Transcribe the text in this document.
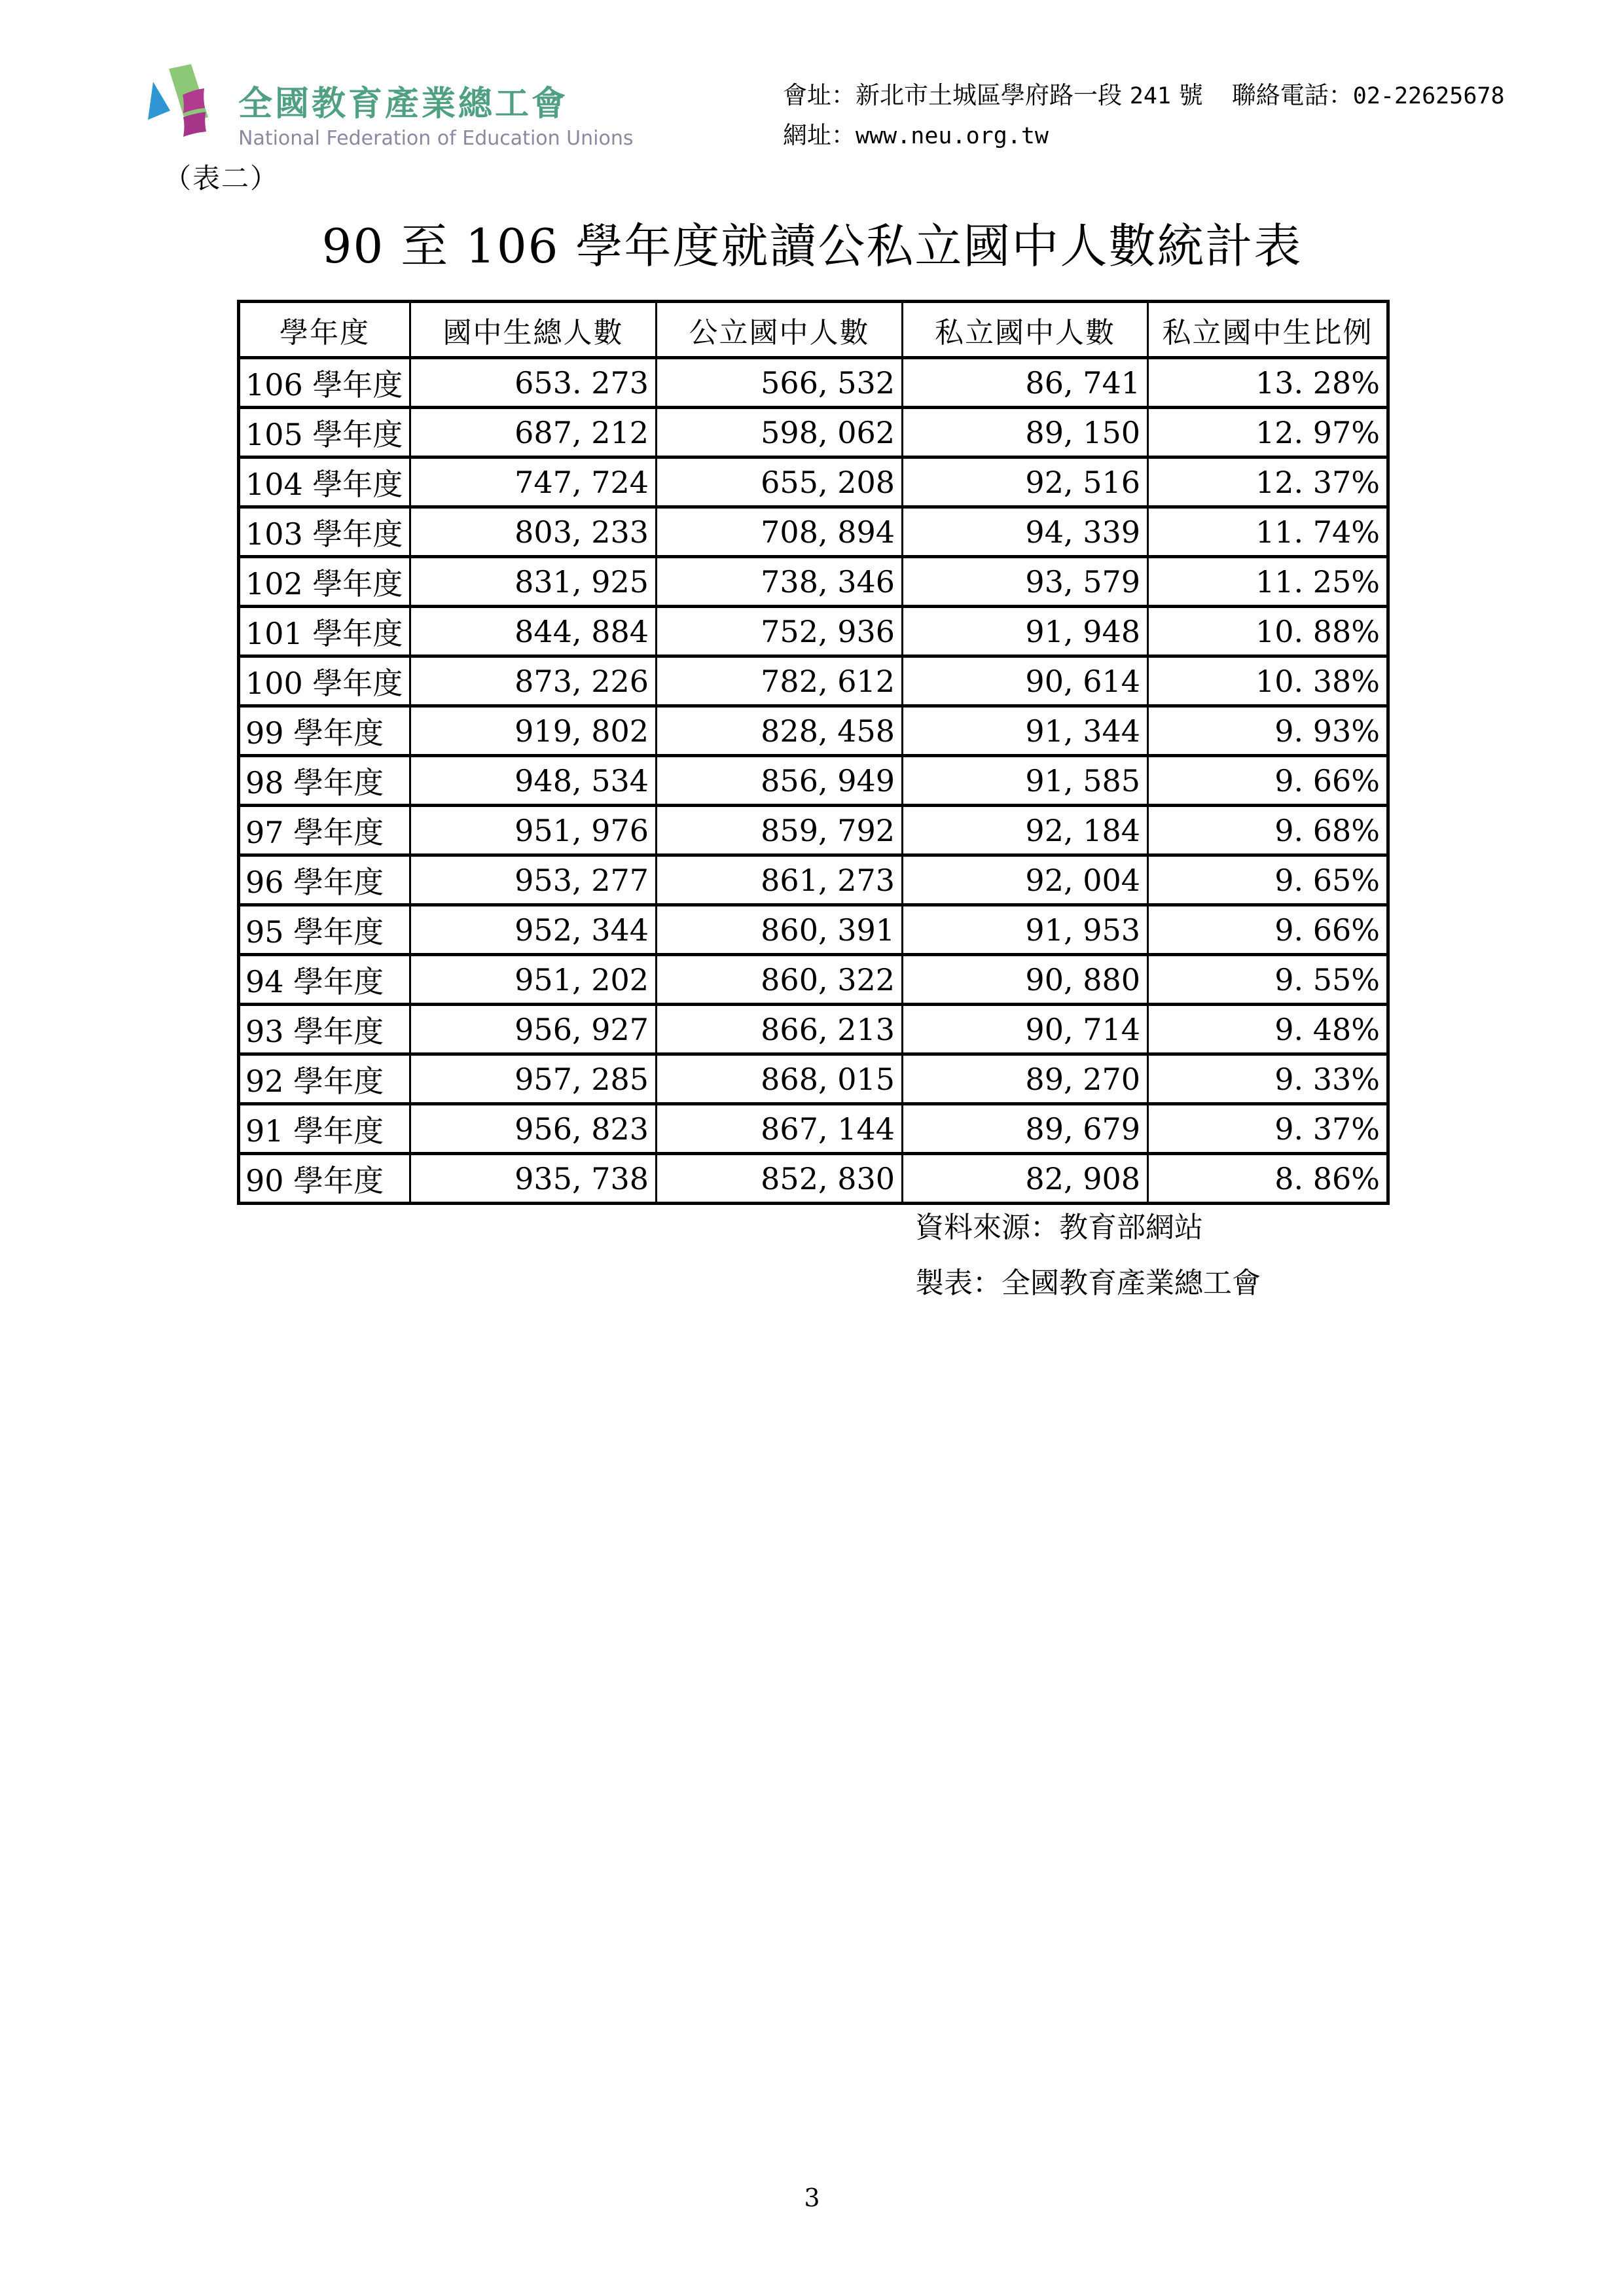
全國教育產業總工會
National Federation of Education Unions
會址：新北市土城區學府路一段 241 號 聯絡電話：02-22625678
網址：www.neu.org.tw
（表二）
90 至 106 學年度就讀公私立國中人數統計表
學年度	國中生總人數	公立國中人數	私立國中人數	私立國中生比例
106 學年度	653. 273	566, 532	86, 741	13. 28%
105 學年度	687, 212	598, 062	89, 150	12. 97%
104 學年度	747, 724	655, 208	92, 516	12. 37%
103 學年度	803, 233	708, 894	94, 339	11. 74%
102 學年度	831, 925	738, 346	93, 579	11. 25%
101 學年度	844, 884	752, 936	91, 948	10. 88%
100 學年度	873, 226	782, 612	90, 614	10. 38%
99 學年度	919, 802	828, 458	91, 344	9. 93%
98 學年度	948, 534	856, 949	91, 585	9. 66%
97 學年度	951, 976	859, 792	92, 184	9. 68%
96 學年度	953, 277	861, 273	92, 004	9. 65%
95 學年度	952, 344	860, 391	91, 953	9. 66%
94 學年度	951, 202	860, 322	90, 880	9. 55%
93 學年度	956, 927	866, 213	90, 714	9. 48%
92 學年度	957, 285	868, 015	89, 270	9. 33%
91 學年度	956, 823	867, 144	89, 679	9. 37%
90 學年度	935, 738	852, 830	82, 908	8. 86%
資料來源：教育部網站
製表：全國教育產業總工會
3
